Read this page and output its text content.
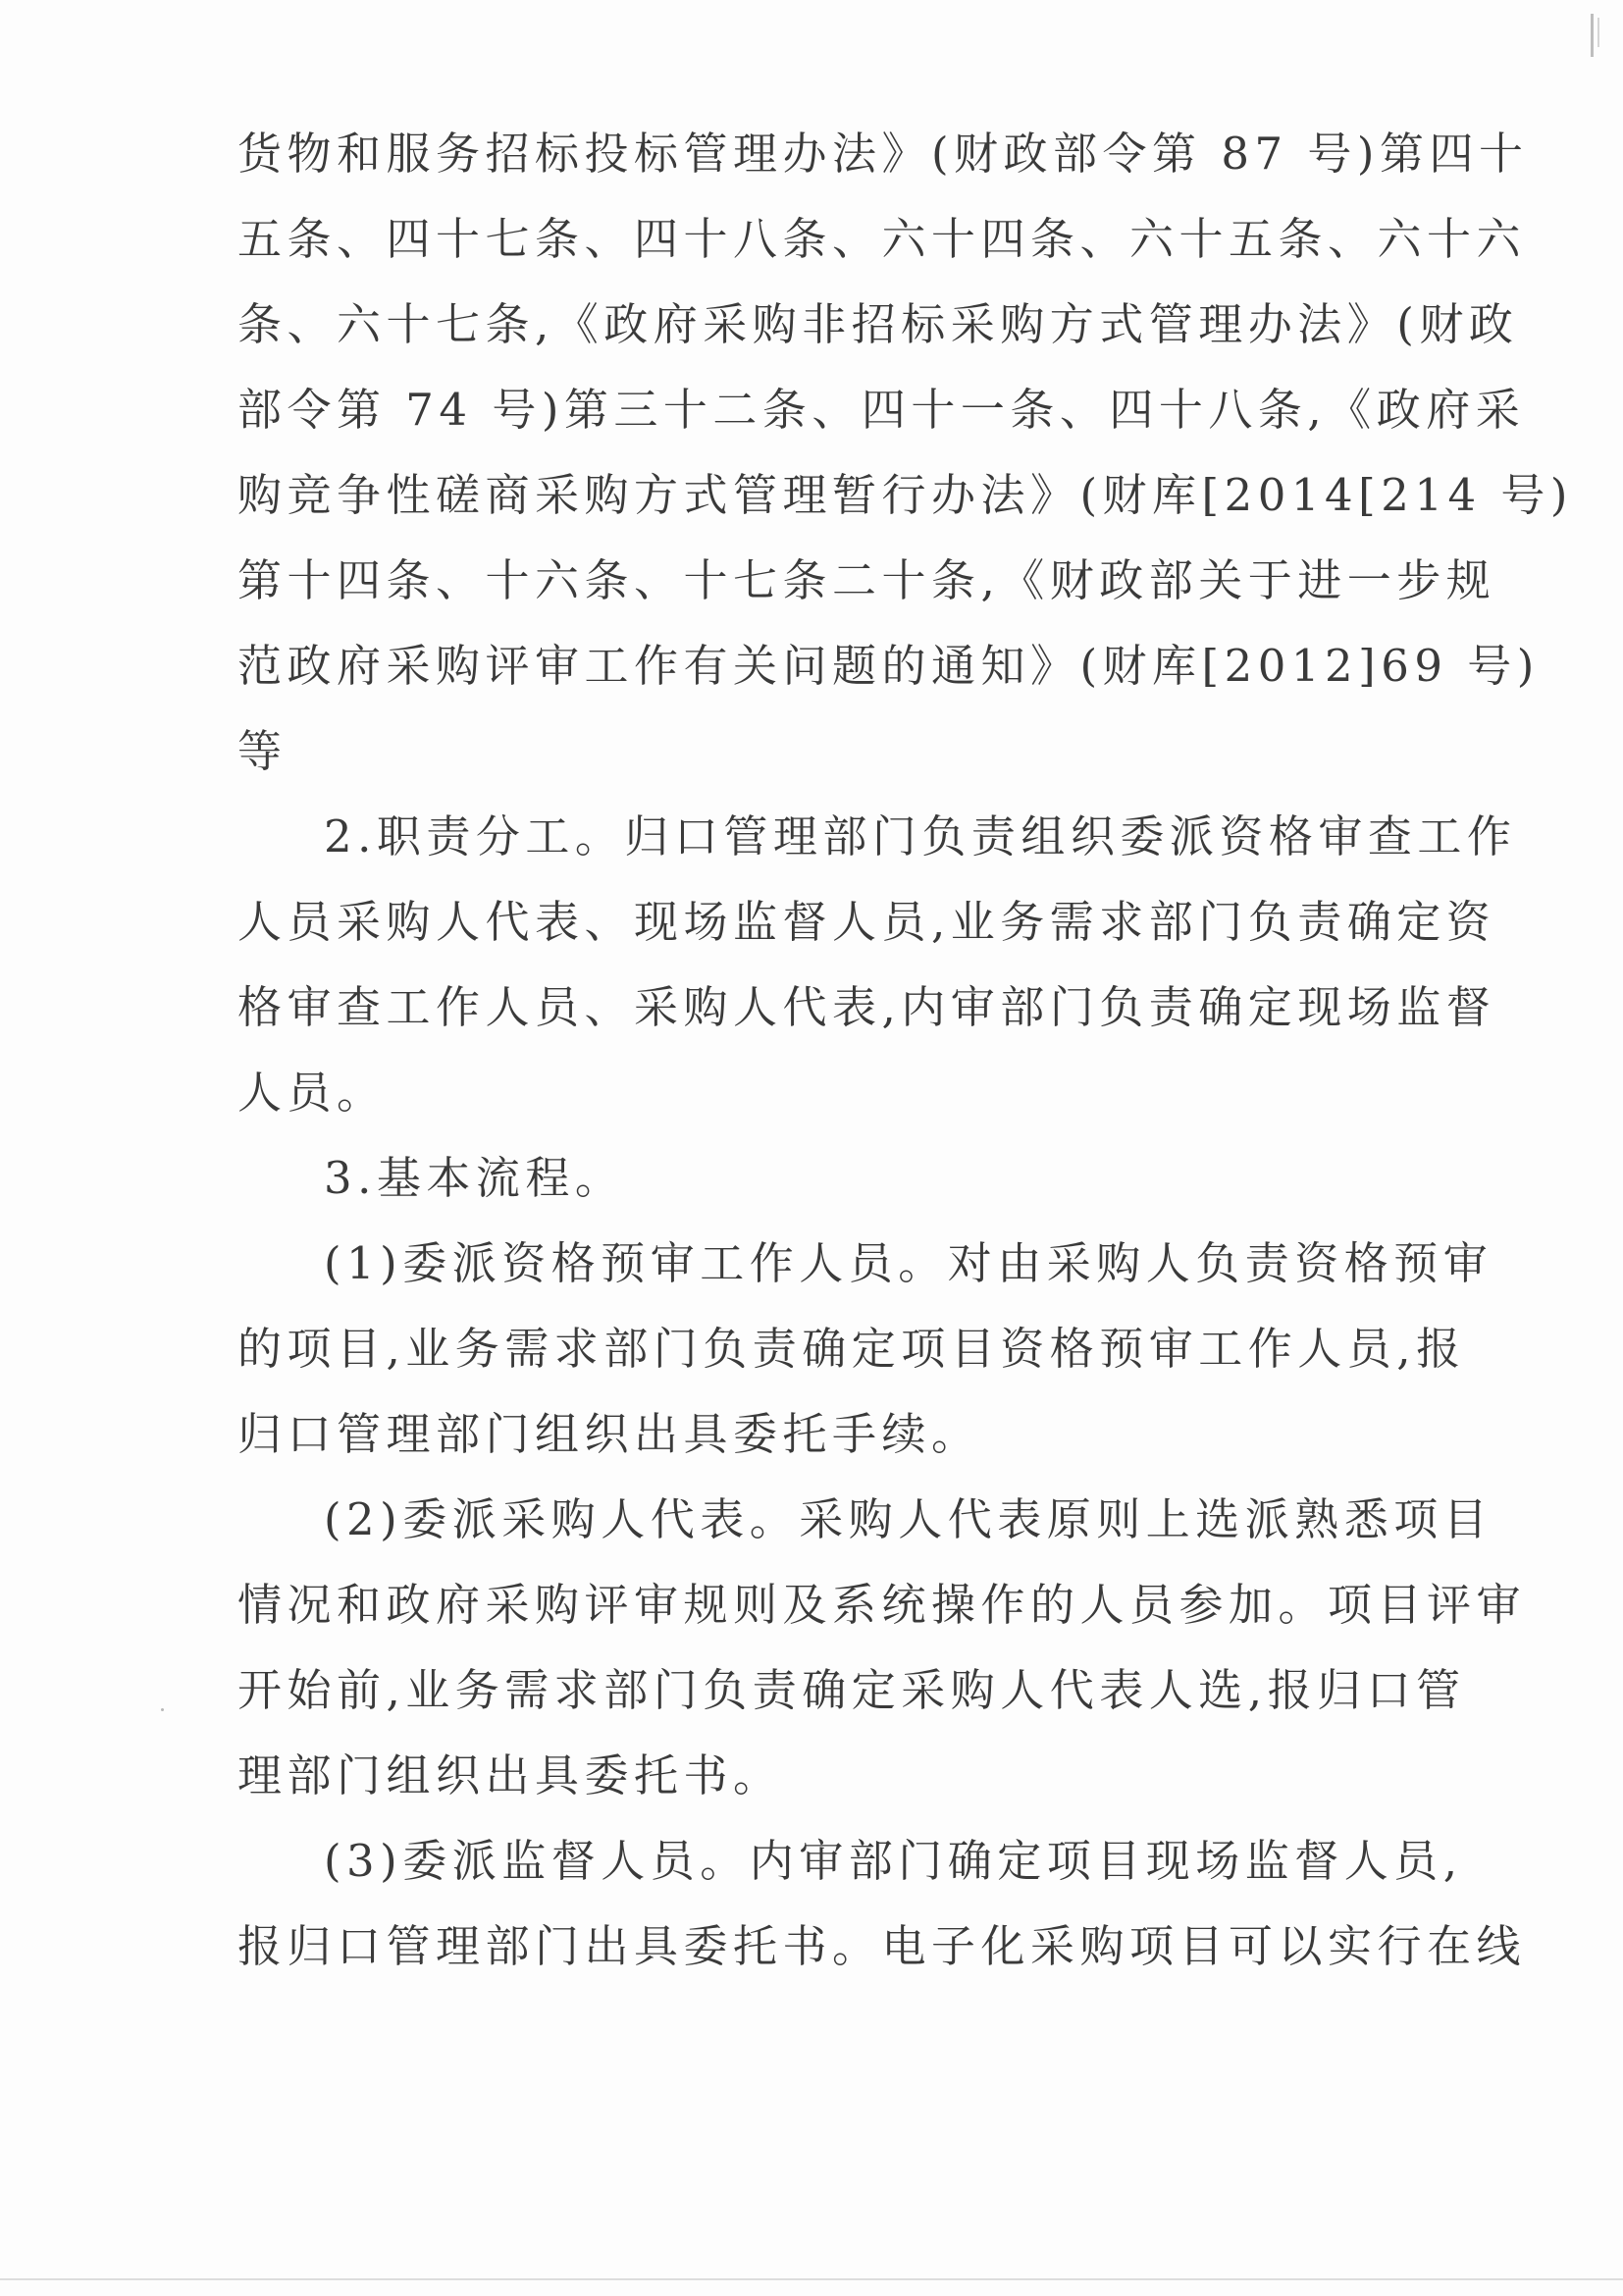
货物和服务招标投标管理办法》(财政部令第 87 号)第四十
五条、四十七条、四十八条、六十四条、六十五条、六十六
条、六十七条,《政府采购非招标采购方式管理办法》(财政
部令第 74 号)第三十二条、四十一条、四十八条,《政府采
购竞争性磋商采购方式管理暂行办法》(财库[2014[214 号)
第十四条、十六条、十七条二十条,《财政部关于进一步规
范政府采购评审工作有关问题的通知》(财库[2012]69 号)
等
2.职责分工。归口管理部门负责组织委派资格审查工作
人员采购人代表、现场监督人员,业务需求部门负责确定资
格审查工作人员、采购人代表,内审部门负责确定现场监督
人员。
3.基本流程。
(1)委派资格预审工作人员。对由采购人负责资格预审
的项目,业务需求部门负责确定项目资格预审工作人员,报
归口管理部门组织出具委托手续。
(2)委派采购人代表。采购人代表原则上选派熟悉项目
情况和政府采购评审规则及系统操作的人员参加。项目评审
开始前,业务需求部门负责确定采购人代表人选,报归口管
理部门组织出具委托书。
(3)委派监督人员。内审部门确定项目现场监督人员,
报归口管理部门出具委托书。电子化采购项目可以实行在线
